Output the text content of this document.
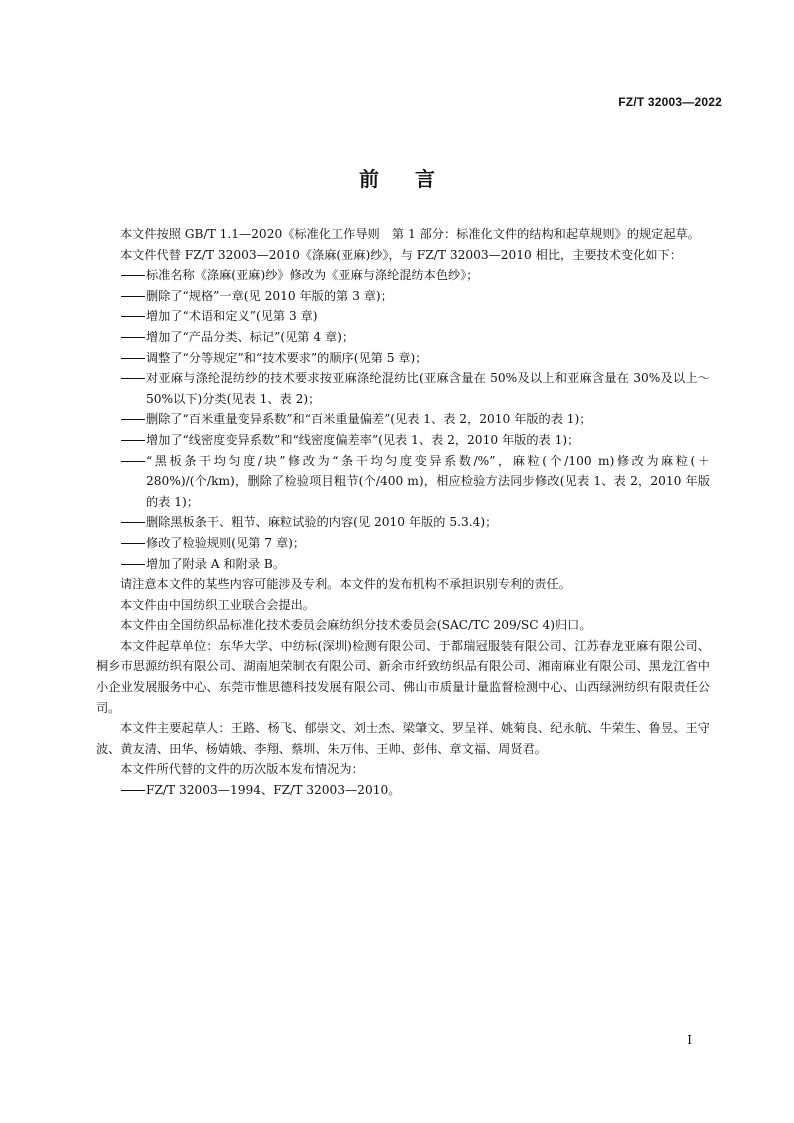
FZ/T 32003—2022
前言

本文件按照 GB/T 1.1—2020《标准化工作导则　第 1 部分：标准化文件的结构和起草规则》的规定起草。

本文件代替 FZ/T 32003—2010《涤麻(亚麻)纱》，与 FZ/T 32003—2010 相比，主要技术变化如下：

标准名称《涤麻(亚麻)纱》修改为《亚麻与涤纶混纺本色纱》；
删除了“规格”一章(见 2010 年版的第 3 章)；
增加了“术语和定义”(见第 3 章)
增加了“产品分类、标记”(见第 4 章)；
调整了“分等规定”和“技术要求”的顺序(见第 5 章)；
对亚麻与涤纶混纺纱的技术要求按亚麻涤纶混纺比(亚麻含量在 50%及以上和亚麻含量在 30%及以上～50%以下)分类(见表 1、表 2)；
删除了“百米重量变异系数”和“百米重量偏差”(见表 1、表 2，2010 年版的表 1)；
增加了“线密度变异系数”和“线密度偏差率”(见表 1、表 2，2010 年版的表 1)；
“黑板条干均匀度/块”修改为“条干均匀度变异系数/%”，麻粒(个/100 m)修改为麻粒(＋280%)/(个/km)，删除了检验项目粗节(个/400 m)，相应检验方法同步修改(见表 1、表 2，2010 年版的表 1)；
删除黑板条干、粗节、麻粒试验的内容(见 2010 年版的 5.3.4)；
修改了检验规则(见第 7 章)；
增加了附录 A 和附录 B。

请注意本文件的某些内容可能涉及专利。本文件的发布机构不承担识别专利的责任。

本文件由中国纺织工业联合会提出。

本文件由全国纺织品标准化技术委员会麻纺织分技术委员会(SAC/TC 209/SC 4)归口。

本文件起草单位：东华大学、中纺标(深圳)检测有限公司、于都瑞冠服装有限公司、江苏春龙亚麻有限公司、桐乡市思源纺织有限公司、湖南旭荣制衣有限公司、新余市纤致纺织品有限公司、湘南麻业有限公司、黑龙江省中小企业发展服务中心、东莞市惟思德科技发展有限公司、佛山市质量计量监督检测中心、山西绿洲纺织有限责任公司。

本文件主要起草人：王路、杨飞、郁崇文、刘士杰、梁肇文、罗呈祥、姚菊良、纪永航、牛荣生、鲁昱、王守波、黄友清、田华、杨婧娥、李翔、蔡圳、朱万伟、王帅、彭伟、章文福、周贤君。

本文件所代替的文件的历次版本发布情况为：

FZ/T 32003—1994、FZ/T 32003—2010。
I
